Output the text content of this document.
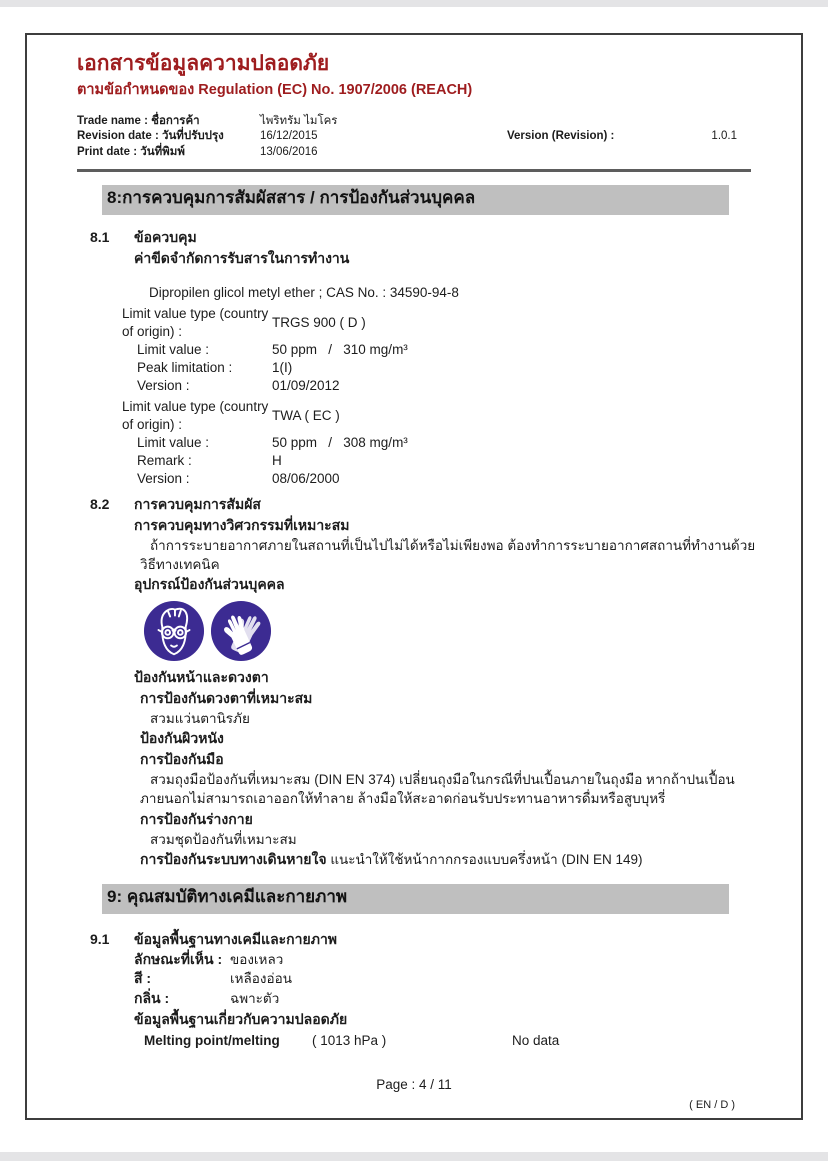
เอกสารข้อมูลความปลอดภัย
ตามข้อกำหนดของ Regulation (EC) No. 1907/2006 (REACH)
Trade name : ชื่อการค้า	ไพริทรัม ไมโคร
Revision date : วันที่ปรับปรุง	16/12/2015
Print date : วันที่พิมพ์	13/06/2016
Version (Revision) :	1.0.1
8:การควบคุมการสัมผัสสาร / การป้องกันส่วนบุคคล
8.1	ข้อควบคุม
ค่าขีดจำกัดการรับสารในการทำงาน
Dipropilen glicol metyl ether ; CAS No. : 34590-94-8
Limit value type (country of origin) :
TRGS 900 ( D )
Limit value :	50 ppm   /   310 mg/m³
Peak limitation :	1(I)
Version :	01/09/2012
Limit value type (country of origin) :
TWA ( EC )
Limit value :	50 ppm   /   308 mg/m³
Remark :	H
Version :	08/06/2000
8.2	การควบคุมการสัมผัส
การควบคุมทางวิศวกรรมที่เหมาะสม
ถ้าการระบายอากาศภายในสถานที่เป็นไปไม่ได้หรือไม่เพียงพอ ต้องทำการระบายอากาศสถานที่ทำงานด้วยวิธีทางเทคนิค
อุปกรณ์ป้องกันส่วนบุคคล
ป้องกันหน้าและดวงตา
การป้องกันดวงตาที่เหมาะสม
สวมแว่นตานิรภัย
ป้องกันผิวหนัง
การป้องกันมือ
สวมถุงมือป้องกันที่เหมาะสม (DIN EN 374) เปลี่ยนถุงมือในกรณีที่ปนเปื้อนภายในถุงมือ หากถ้าปนเปื้อนภายนอกไม่สามารถเอาออกให้ทำลาย ล้างมือให้สะอาดก่อนรับประทานอาหารดื่มหรือสูบบุหรี่
การป้องกันร่างกาย
สวมชุดป้องกันที่เหมาะสม
การป้องกันระบบทางเดินหายใจ แนะนำให้ใช้หน้ากากกรองแบบครึ่งหน้า (DIN EN 149)
9: คุณสมบัติทางเคมีและกายภาพ
9.1	ข้อมูลพื้นฐานทางเคมีและกายภาพ
ลักษณะที่เห็น : ของเหลว
สี :	เหลืองอ่อน
กลิ่น :	ฉพาะตัว
ข้อมูลพื้นฐานเกี่ยวกับความปลอดภัย
Melting point/melting	( 1013 hPa )	No data
Page : 4 / 11
( EN / D )
